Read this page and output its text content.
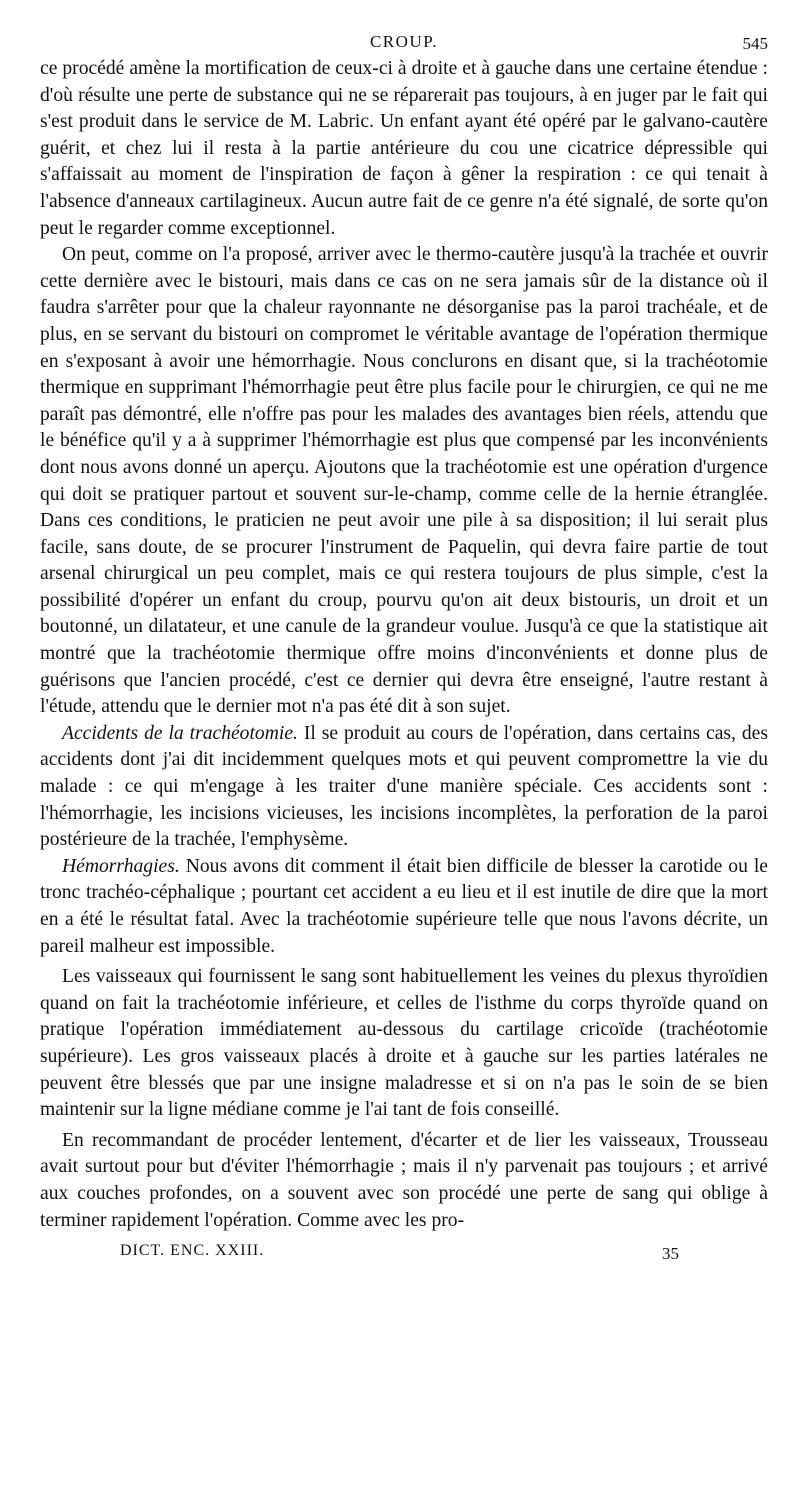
CROUP.	545

ce procédé amène la mortification de ceux-ci à droite et à gauche dans une certaine étendue : d'où résulte une perte de substance qui ne se réparerait pas toujours, à en juger par le fait qui s'est produit dans le service de M. Labric. Un enfant ayant été opéré par le galvano-cautère guérit, et chez lui il resta à la partie antérieure du cou une cicatrice dépressible qui s'affaissait au moment de l'inspiration de façon à gêner la respiration : ce qui tenait à l'absence d'anneaux cartilagineux. Aucun autre fait de ce genre n'a été signalé, de sorte qu'on peut le regarder comme exceptionnel.

On peut, comme on l'a proposé, arriver avec le thermo-cautère jusqu'à la trachée et ouvrir cette dernière avec le bistouri, mais dans ce cas on ne sera jamais sûr de la distance où il faudra s'arrêter pour que la chaleur rayonnante ne désorganise pas la paroi trachéale, et de plus, en se servant du bistouri on compromet le véritable avantage de l'opération thermique en s'exposant à avoir une hémorrhagie. Nous conclurons en disant que, si la trachéotomie thermique en supprimant l'hémorrhagie peut être plus facile pour le chirurgien, ce qui ne me paraît pas démontré, elle n'offre pas pour les malades des avantages bien réels, attendu que le bénéfice qu'il y a à supprimer l'hémorrhagie est plus que compensé par les inconvénients dont nous avons donné un aperçu. Ajoutons que la trachéotomie est une opération d'urgence qui doit se pratiquer partout et souvent sur-le-champ, comme celle de la hernie étranglée. Dans ces conditions, le praticien ne peut avoir une pile à sa disposition; il lui serait plus facile, sans doute, de se procurer l'instrument de Paquelin, qui devra faire partie de tout arsenal chirurgical un peu complet, mais ce qui restera toujours de plus simple, c'est la possibilité d'opérer un enfant du croup, pourvu qu'on ait deux bistouris, un droit et un boutonné, un dilatateur, et une canule de la grandeur voulue. Jusqu'à ce que la statistique ait montré que la trachéotomie thermique offre moins d'inconvénients et donne plus de guérisons que l'ancien procédé, c'est ce dernier qui devra être enseigné, l'autre restant à l'étude, attendu que le dernier mot n'a pas été dit à son sujet.

Accidents de la trachéotomie. Il se produit au cours de l'opération, dans certains cas, des accidents dont j'ai dit incidemment quelques mots et qui peuvent compromettre la vie du malade : ce qui m'engage à les traiter d'une manière spéciale. Ces accidents sont : l'hémorrhagie, les incisions vicieuses, les incisions incomplètes, la perforation de la paroi postérieure de la trachée, l'emphysème.

Hémorrhagies. Nous avons dit comment il était bien difficile de blesser la carotide ou le tronc trachéo-céphalique ; pourtant cet accident a eu lieu et il est inutile de dire que la mort en a été le résultat fatal. Avec la trachéotomie supérieure telle que nous l'avons décrite, un pareil malheur est impossible.

Les vaisseaux qui fournissent le sang sont habituellement les veines du plexus thyroïdien quand on fait la trachéotomie inférieure, et celles de l'isthme du corps thyroïde quand on pratique l'opération immédiatement au-dessous du cartilage cricoïde (trachéotomie supérieure). Les gros vaisseaux placés à droite et à gauche sur les parties latérales ne peuvent être blessés que par une insigne maladresse et si on n'a pas le soin de se bien maintenir sur la ligne médiane comme je l'ai tant de fois conseillé.

En recommandant de procéder lentement, d'écarter et de lier les vaisseaux, Trousseau avait surtout pour but d'éviter l'hémorrhagie ; mais il n'y parvenait pas toujours ; et arrivé aux couches profondes, on a souvent avec son procédé une perte de sang qui oblige à terminer rapidement l'opération. Comme avec les pro-

DICT. ENC. XXIII.	35
